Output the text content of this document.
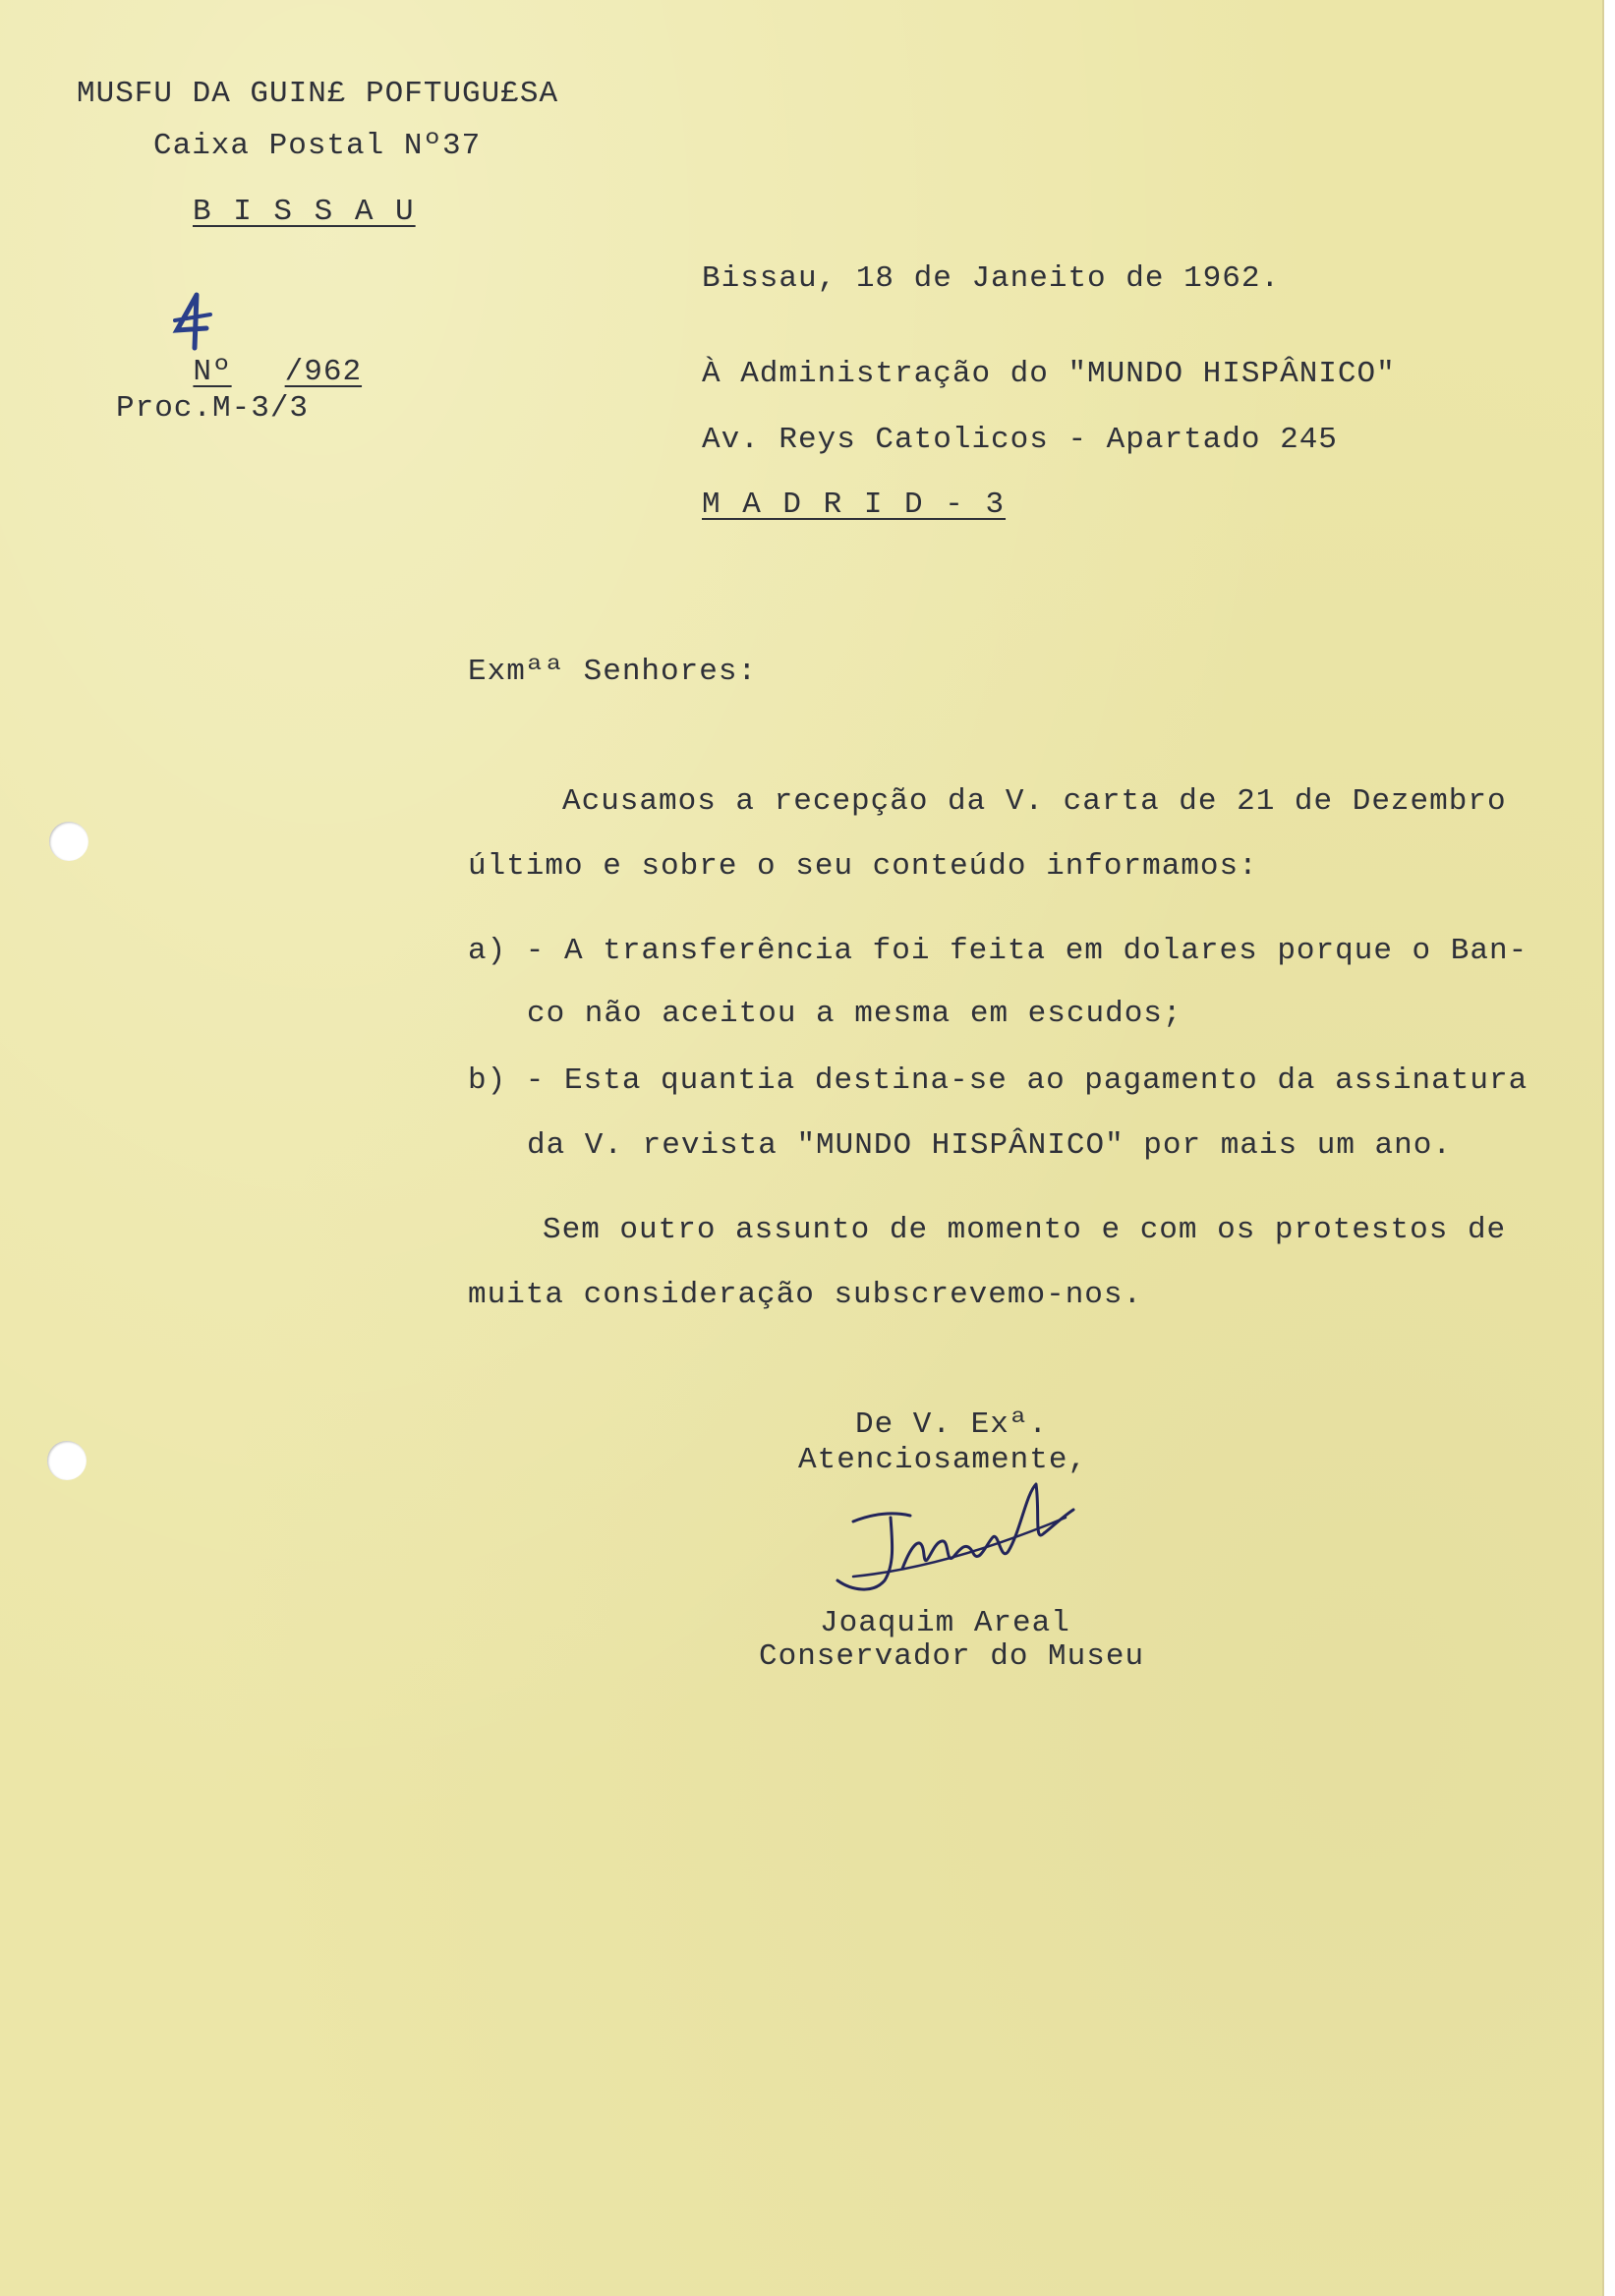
MUSFU DA GUIN£ POFTUGU£SA
Caixa Postal Nº37
B I S S A U

Nº /962

Proc.M-3/3
Bissau, 18 de Janeito de 1962.
À Administração do "MUNDO HISPÂNICO"
Av. Reys Catolicos - Apartado 245
M A D R I D - 3
Exmªª Senhores:
Acusamos a recepção da V. carta de 21 de Dezembro
último e sobre o seu conteúdo informamos:
a) - A transferência foi feita em dolares porque o Ban-
co não aceitou a mesma em escudos;
b) - Esta quantia destina-se ao pagamento da assinatura
da V. revista "MUNDO HISPÂNICO" por mais um ano.
Sem outro assunto de momento e com os protestos de
muita consideração subscrevemo-nos.
De V. Exª.
Atenciosamente,
Joaquim Areal
Conservador do Museu
